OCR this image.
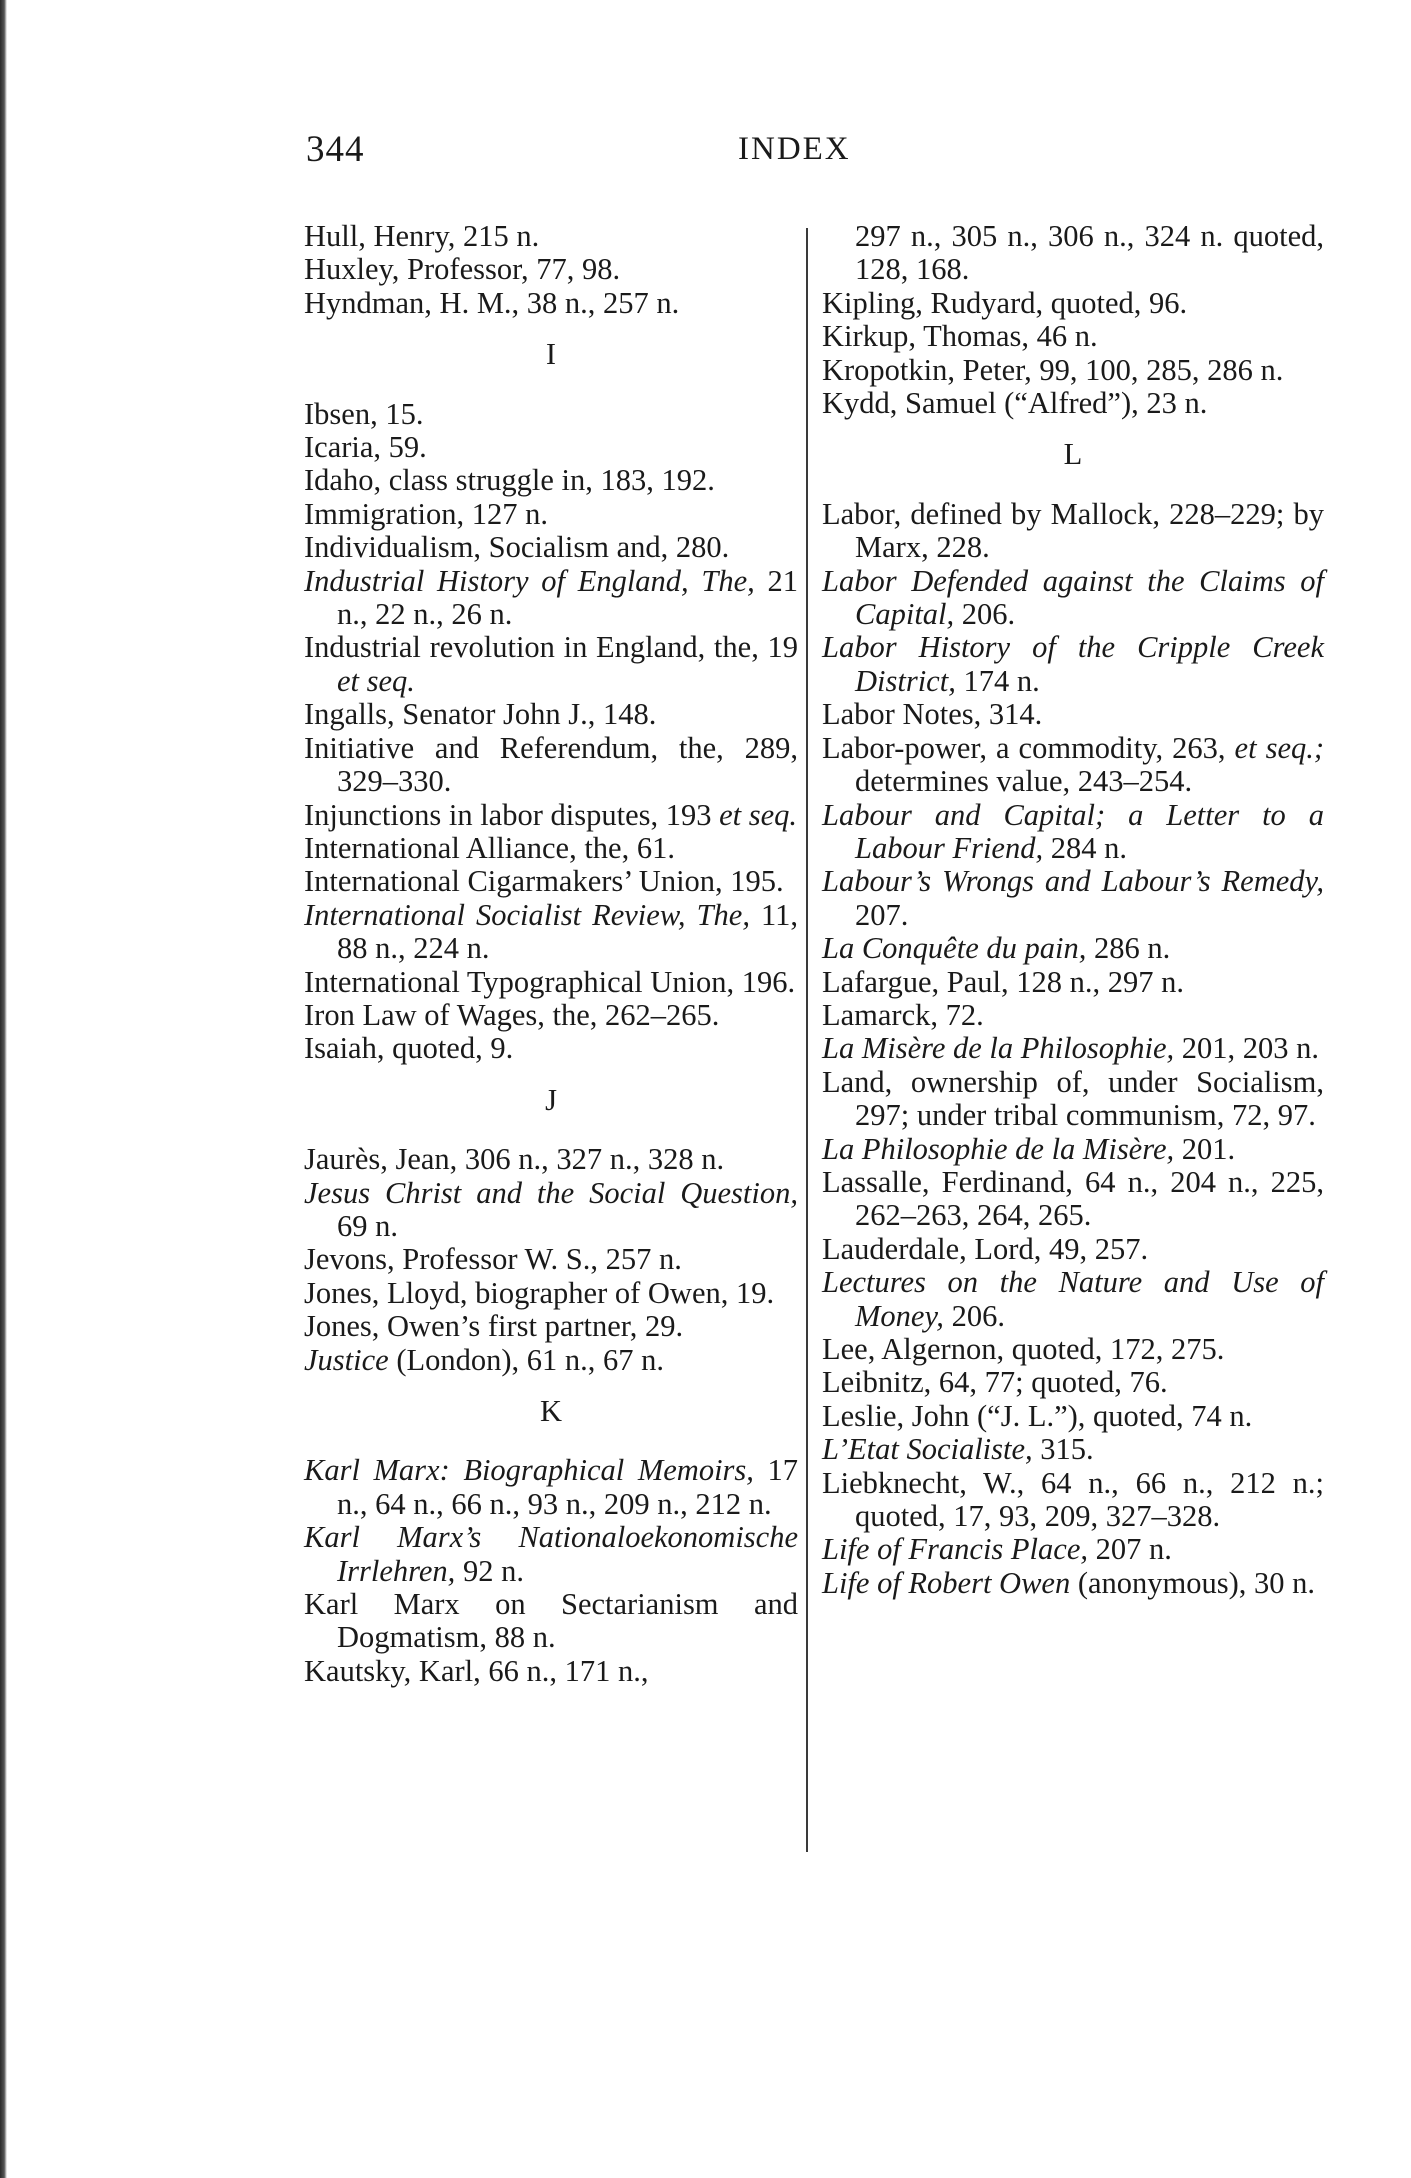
344	INDEX
Hull, Henry, 215 n.
Huxley, Professor, 77, 98.
Hyndman, H. M., 38 n., 257 n.
I
Ibsen, 15.
Icaria, 59.
Idaho, class struggle in, 183, 192.
Immigration, 127 n.
Individualism, Socialism and, 280.
Industrial History of England, The, 21 n., 22 n., 26 n.
Industrial revolution in England, the, 19 et seq.
Ingalls, Senator John J., 148.
Initiative and Referendum, the, 289, 329–330.
Injunctions in labor disputes, 193 et seq.
International Alliance, the, 61.
International Cigarmakers’ Union, 195.
International Socialist Review, The, 11, 88 n., 224 n.
International Typographical Union, 196.
Iron Law of Wages, the, 262–265.
Isaiah, quoted, 9.
J
Jaurès, Jean, 306 n., 327 n., 328 n.
Jesus Christ and the Social Question, 69 n.
Jevons, Professor W. S., 257 n.
Jones, Lloyd, biographer of Owen, 19.
Jones, Owen’s first partner, 29.
Justice (London), 61 n., 67 n.
K
Karl Marx: Biographical Memoirs, 17 n., 64 n., 66 n., 93 n., 209 n., 212 n.
Karl Marx’s Nationaloekonomische Irrlehren, 92 n.
Karl Marx on Sectarianism and Dogmatism, 88 n.
Kautsky, Karl, 66 n., 171 n.,
297 n., 305 n., 306 n., 324 n. quoted, 128, 168.
Kipling, Rudyard, quoted, 96.
Kirkup, Thomas, 46 n.
Kropotkin, Peter, 99, 100, 285, 286 n.
Kydd, Samuel (“Alfred”), 23 n.
L
Labor, defined by Mallock, 228–229; by Marx, 228.
Labor Defended against the Claims of Capital, 206.
Labor History of the Cripple Creek District, 174 n.
Labor Notes, 314.
Labor-power, a commodity, 263, et seq.; determines value, 243–254.
Labour and Capital; a Letter to a Labour Friend, 284 n.
Labour’s Wrongs and Labour’s Remedy, 207.
La Conquête du pain, 286 n.
Lafargue, Paul, 128 n., 297 n.
Lamarck, 72.
La Misère de la Philosophie, 201, 203 n.
Land, ownership of, under Socialism, 297; under tribal communism, 72, 97.
La Philosophie de la Misère, 201.
Lassalle, Ferdinand, 64 n., 204 n., 225, 262–263, 264, 265.
Lauderdale, Lord, 49, 257.
Lectures on the Nature and Use of Money, 206.
Lee, Algernon, quoted, 172, 275.
Leibnitz, 64, 77; quoted, 76.
Leslie, John (“J. L.”), quoted, 74 n.
L’Etat Socialiste, 315.
Liebknecht, W., 64 n., 66 n., 212 n.; quoted, 17, 93, 209, 327–328.
Life of Francis Place, 207 n.
Life of Robert Owen (anonymous), 30 n.
